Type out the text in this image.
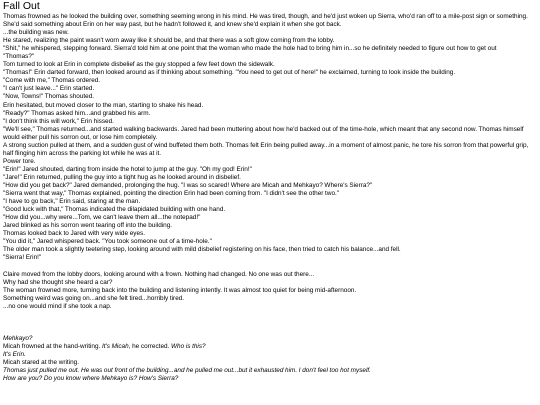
Fall Out

Thomas frowned as he looked the building over, something seeming wrong in his mind. He was tired, though, and he'd just woken up Sierra, who'd ran off to a mile-post sign or something. She'd said something about Erin on her way past, but he hadn't followed it, and knew she'd explain it when she got back.

...the building was new.

He stared, realizing the paint wasn't worn away like it should be, and that there was a soft glow coming from the lobby.

"Shit," he whispered, stepping forward. Sierra'd told him at one point that the woman who made the hole had to bring him in...so he definitely needed to figure out how to get out

"Thomas?"

Tom turned to look at Erin in complete disbelief as the guy stopped a few feet down the sidewalk.

"Thomas!" Erin darted forward, then looked around as if thinking about something. "You need to get out of here!" he exclaimed, turning to look inside the building.

"Come with me," Thomas ordered.

"I can't just leave..." Erin started.

"Now, Towns!" Thomas shouted.

Erin hesitated, but moved closer to the man, starting to shake his head.

"Ready?" Thomas asked him...and grabbed his arm.

"I don't think this will work," Erin hissed.

"We'll see," Thomas returned...and started walking backwards. Jared had been muttering about how he'd backed out of the time-hole, which meant that any second now. Thomas himself would either pull his sorron out, or lose him completely.

A strong suction pulled at them, and a sudden gust of wind buffeted them both. Thomas felt Erin being pulled away...in a moment of almost panic, he tore his sorron from that powerful grip, half flinging him across the parking lot while he was at it.

Power tore.

"Erin!" Jared shouted, darting from inside the hotel to jump at the guy. "Oh my god! Erin!"

"Jare!" Erin returned, pulling the guy into a tight hug as he looked around in disbelief.

"How did you get back?" Jared demanded, prolonging the hug. "I was so scared! Where are Micah and Mehkayo? Where's Sierra?"

"Sierra went that way," Thomas explained, pointing the direction Erin had been coming from. "I didn't see the other two."

"I have to go back," Erin said, staring at the man.

"Good luck with that," Thomas indicated the dilapidated building with one hand.

"How did you...why were...Tom, we can't leave them all...the notepad!"

Jared blinked as his sorron went tearing off into the building.

Thomas looked back to Jared with very wide eyes.

"You did it," Jared whispered back. "You took someone out of a time-hole."

The older man took a slightly teetering step, looking around with mild disbelief registering on his face, then tried to catch his balance...and fell.

"Sierra! Erin!"

Claire moved from the lobby doors, looking around with a frown. Nothing had changed. No one was out there...

Why had she thought she heard a car?

The woman frowned more, turning back into the building and listening intently. It was almost too quiet for being mid-afternoon.

Something weird was going on...and she felt tired...horribly tired.

...no one would mind if she took a nap.

Mehkayo?

Micah frowned at the hand-writing. It's Micah, he corrected. Who is this?

It's Erin.

Micah stared at the writing.

Thomas just pulled me out. He was out front of the building...and he pulled me out...but it exhausted him. I don't feel too hot myself.

How are you? Do you know where Mehkayo is? How's Sierra?
